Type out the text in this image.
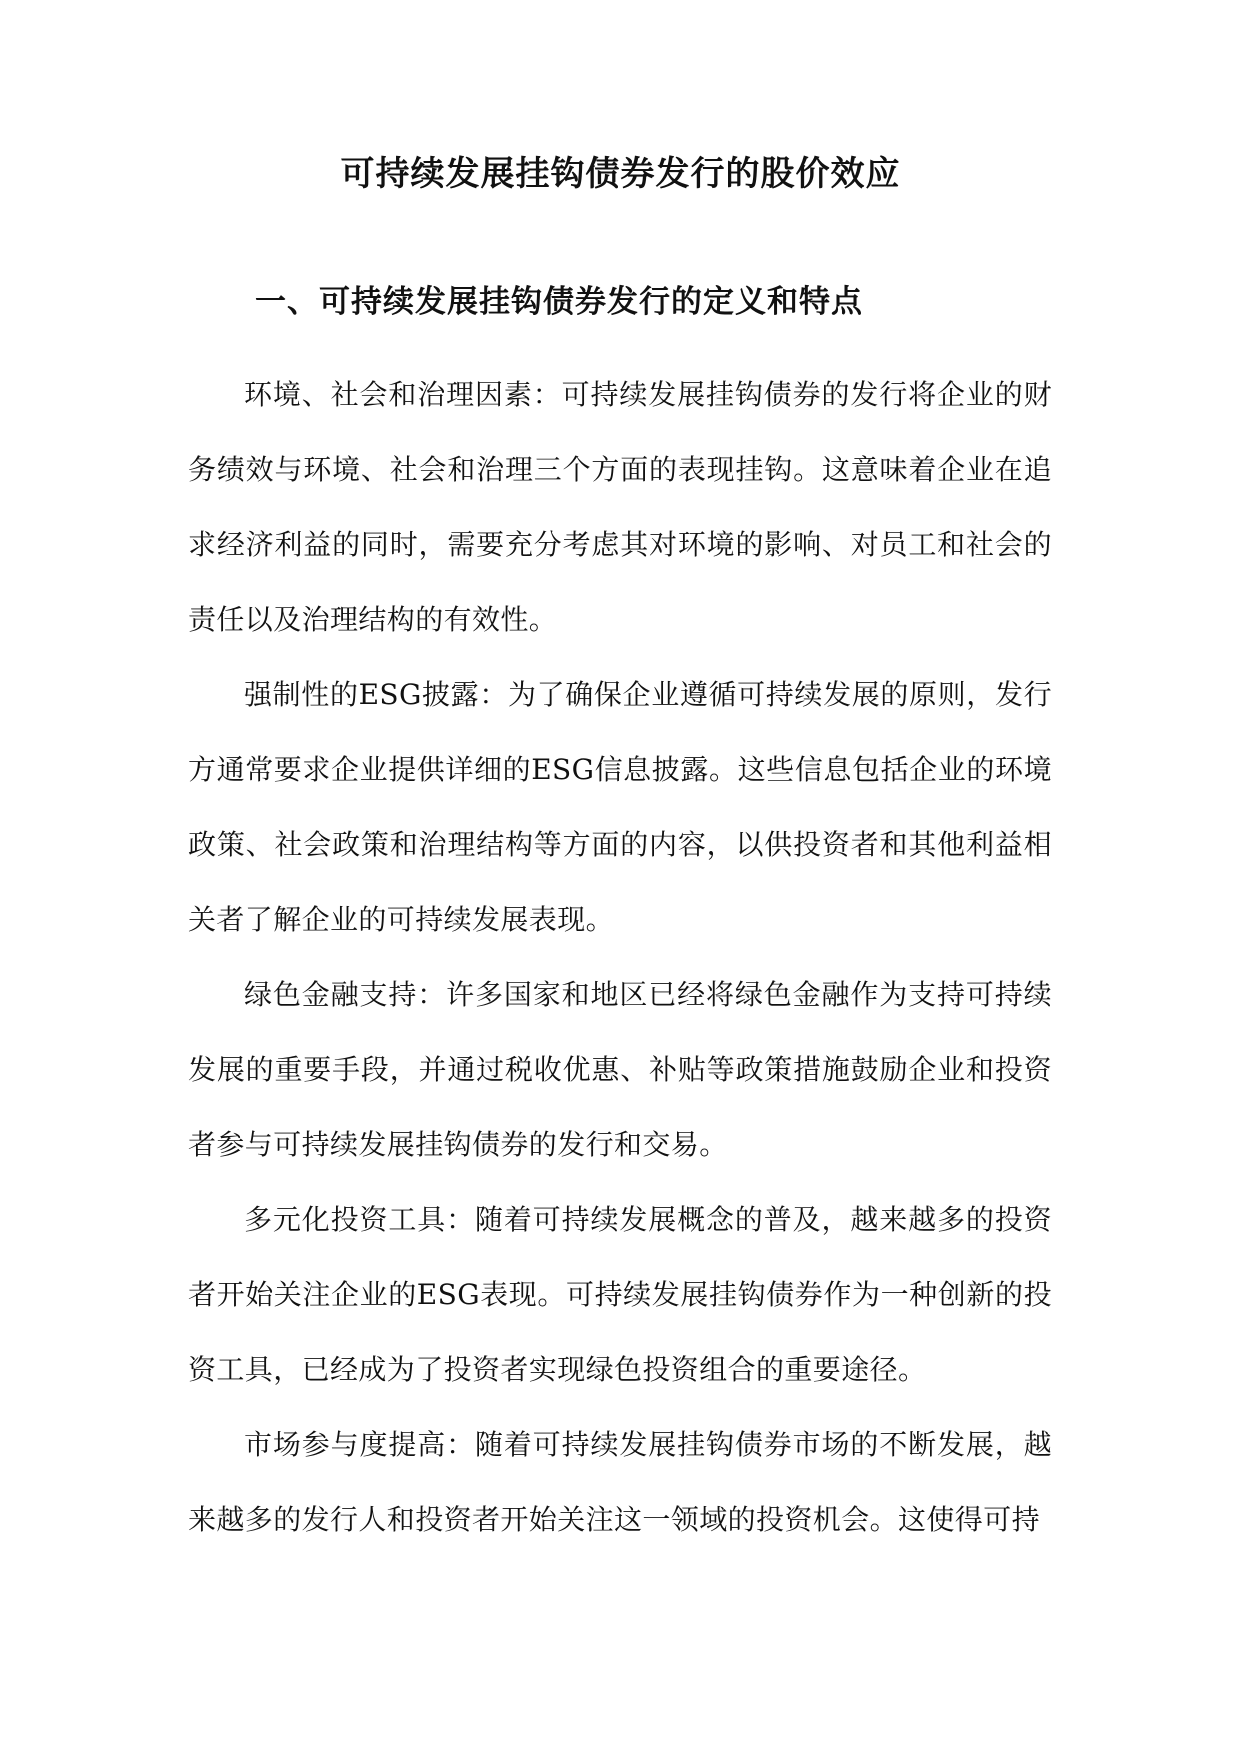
可持续发展挂钩债券发行的股价效应
一、可持续发展挂钩债券发行的定义和特点

环境、社会和治理因素：可持续发展挂钩债券的发行将企业的财务绩效与环境、社会和治理三个方面的表现挂钩。这意味着企业在追求经济利益的同时，需要充分考虑其对环境的影响、对员工和社会的责任以及治理结构的有效性。

强制性的ESG披露：为了确保企业遵循可持续发展的原则，发行方通常要求企业提供详细的ESG信息披露。这些信息包括企业的环境政策、社会政策和治理结构等方面的内容，以供投资者和其他利益相关者了解企业的可持续发展表现。

绿色金融支持：许多国家和地区已经将绿色金融作为支持可持续发展的重要手段，并通过税收优惠、补贴等政策措施鼓励企业和投资者参与可持续发展挂钩债券的发行和交易。

多元化投资工具：随着可持续发展概念的普及，越来越多的投资者开始关注企业的ESG表现。可持续发展挂钩债券作为一种创新的投资工具，已经成为了投资者实现绿色投资组合的重要途径。

市场参与度提高：随着可持续发展挂钩债券市场的不断发展，越来越多的发行人和投资者开始关注这一领域的投资机会。这使得可持
